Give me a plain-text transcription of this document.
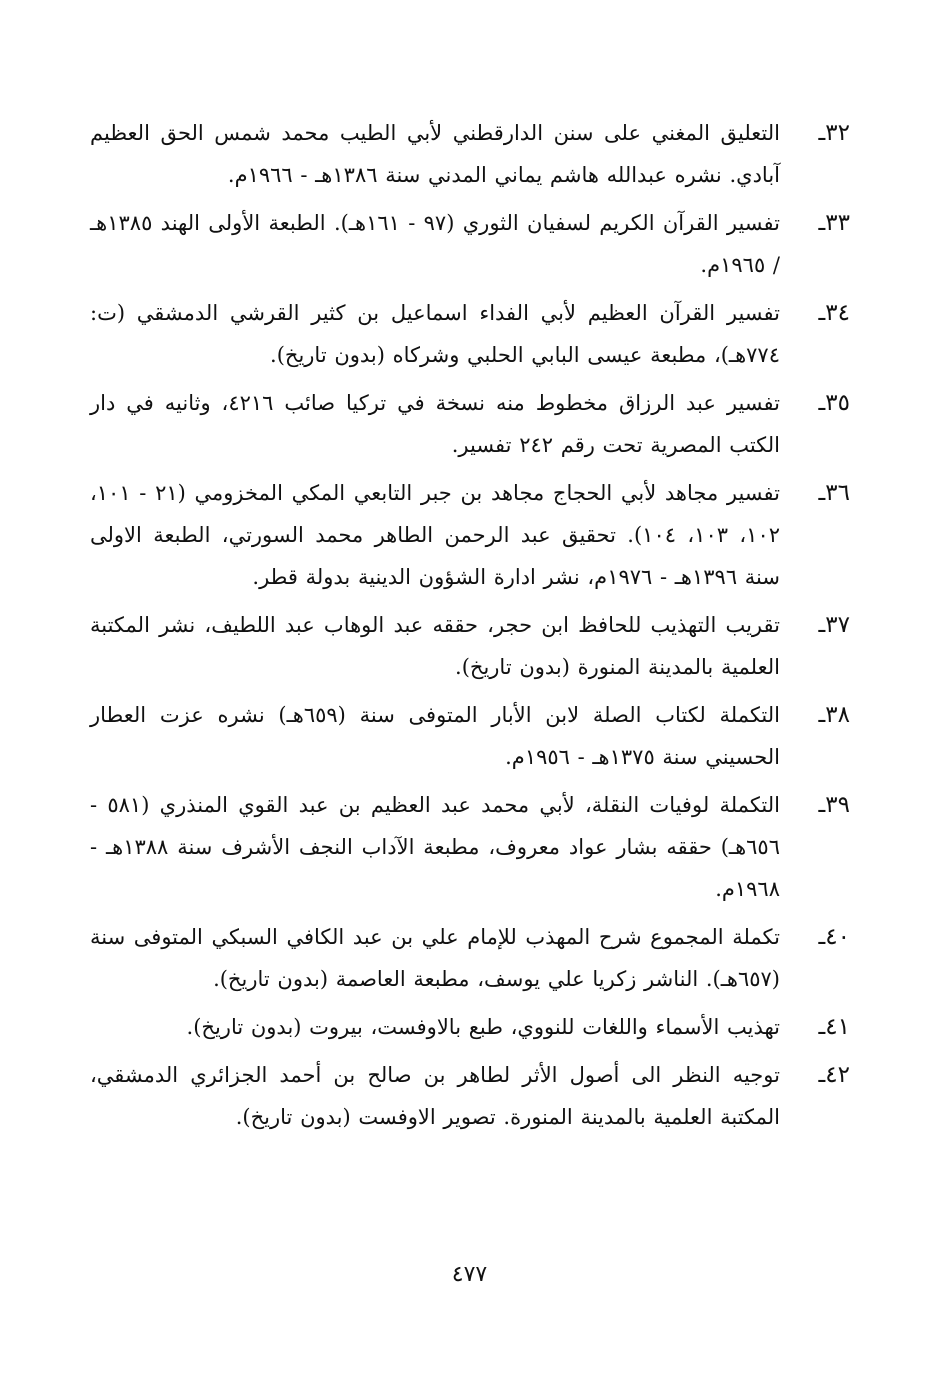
٣٢ـ
التعليق المغني على سنن الدارقطني لأبي الطيب محمد شمس الحق العظيم آبادي. نشره عبدالله هاشم يماني المدني سنة ١٣٨٦هـ - ١٩٦٦م.
٣٣ـ
تفسير القرآن الكريم لسفيان الثوري (٩٧ - ١٦١هـ). الطبعة الأولى الهند ١٣٨٥هـ / ١٩٦٥م.
٣٤ـ
تفسير القرآن العظيم لأبي الفداء اسماعيل بن كثير القرشي الدمشقي (ت: ٧٧٤هـ)، مطبعة عيسى البابي الحلبي وشركاه (بدون تاريخ).
٣٥ـ
تفسير عبد الرزاق مخطوط منه نسخة في تركيا صائب ٤٢١٦، وثانيه في دار الكتب المصرية تحت رقم ٢٤٢ تفسير.
٣٦ـ
تفسير مجاهد لأبي الحجاج مجاهد بن جبر التابعي المكي المخزومي (٢١ - ١٠١، ١٠٢، ١٠٣، ١٠٤). تحقيق عبد الرحمن الطاهر محمد السورتي، الطبعة الاولى سنة ١٣٩٦هـ - ١٩٧٦م، نشر ادارة الشؤون الدينية بدولة قطر.
٣٧ـ
تقريب التهذيب للحافظ ابن حجر، حققه عبد الوهاب عبد اللطيف، نشر المكتبة العلمية بالمدينة المنورة (بدون تاريخ).
٣٨ـ
التكملة لكتاب الصلة لابن الأبار المتوفى سنة (٦٥٩هـ) نشره عزت العطار الحسيني سنة ١٣٧٥هـ - ١٩٥٦م.
٣٩ـ
التكملة لوفيات النقلة، لأبي محمد عبد العظيم بن عبد القوي المنذري (٥٨١ - ٦٥٦هـ) حققه بشار عواد معروف، مطبعة الآداب النجف الأشرف سنة ١٣٨٨هـ - ١٩٦٨م.
٤٠ـ
تكملة المجموع شرح المهذب للإمام علي بن عبد الكافي السبكي المتوفى سنة (٦٥٧هـ). الناشر زكريا علي يوسف، مطبعة العاصمة (بدون تاريخ).
٤١ـ
تهذيب الأسماء واللغات للنووي، طبع بالاوفست، بيروت (بدون تاريخ).
٤٢ـ
توجيه النظر الى أصول الأثر لطاهر بن صالح بن أحمد الجزائري الدمشقي، المكتبة العلمية بالمدينة المنورة. تصوير الاوفست (بدون تاريخ).
٤٧٧
